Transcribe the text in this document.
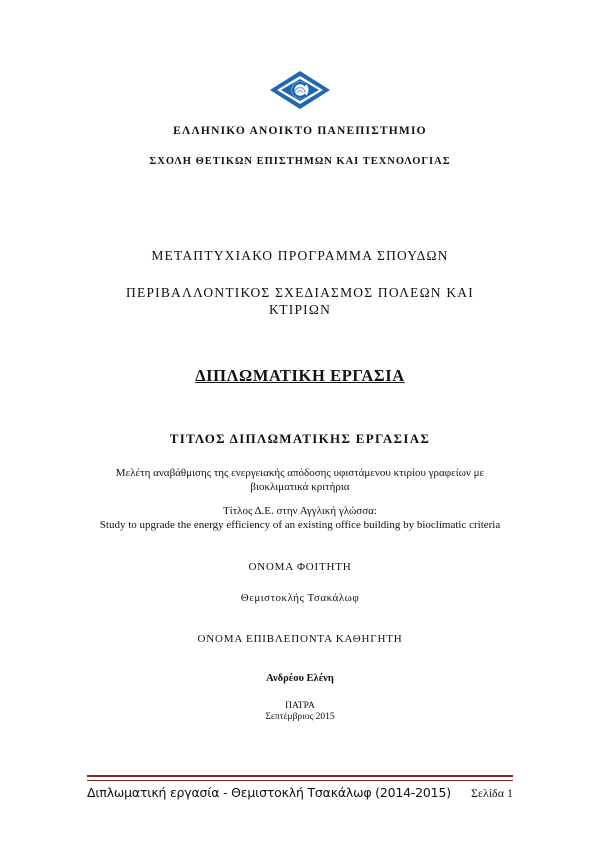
ΕΛΛΗΝΙΚΟ ΑΝΟΙΚΤΟ ΠΑΝΕΠΙΣΤΗΜΙΟ

ΣΧΟΛΗ ΘΕΤΙΚΩΝ ΕΠΙΣΤΗΜΩΝ ΚΑΙ ΤΕΧΝΟΛΟΓΙΑΣ

ΜΕΤΑΠΤΥΧΙΑΚΟ ΠΡΟΓΡΑΜΜΑ ΣΠΟΥΔΩΝ

ΠΕΡΙΒΑΛΛΟΝΤΙΚΟΣ ΣΧΕΔΙΑΣΜΟΣ ΠΟΛΕΩΝ ΚΑΙ ΚΤΙΡΙΩΝ

ΔΙΠΛΩΜΑΤΙΚΗ ΕΡΓΑΣΙΑ

ΤΙΤΛΟΣ ΔΙΠΛΩΜΑΤΙΚΗΣ ΕΡΓΑΣΙΑΣ

Μελέτη αναβάθμισης της ενεργειακής απόδοσης υφιστάμενου κτιρίου γραφείων με βιοκλιματικά κριτήρια

Τίτλος Δ.Ε. στην Αγγλική γλώσσα:

Study to upgrade the energy efficiency of an existing office building by bioclimatic criteria

ΟΝΟΜΑ ΦΟΙΤΗΤΗ

Θεμιστοκλής Τσακάλωφ

ΟΝΟΜΑ ΕΠΙΒΛΕΠΟΝΤΑ ΚΑΘΗΓΗΤΗ

Ανδρέου Ελένη

ΠΑΤΡΑ

Σεπτέμβριος 2015

Διπλωματική εργασία - Θεμιστοκλή Τσακάλωφ (2014-2015) Σελίδα 1
